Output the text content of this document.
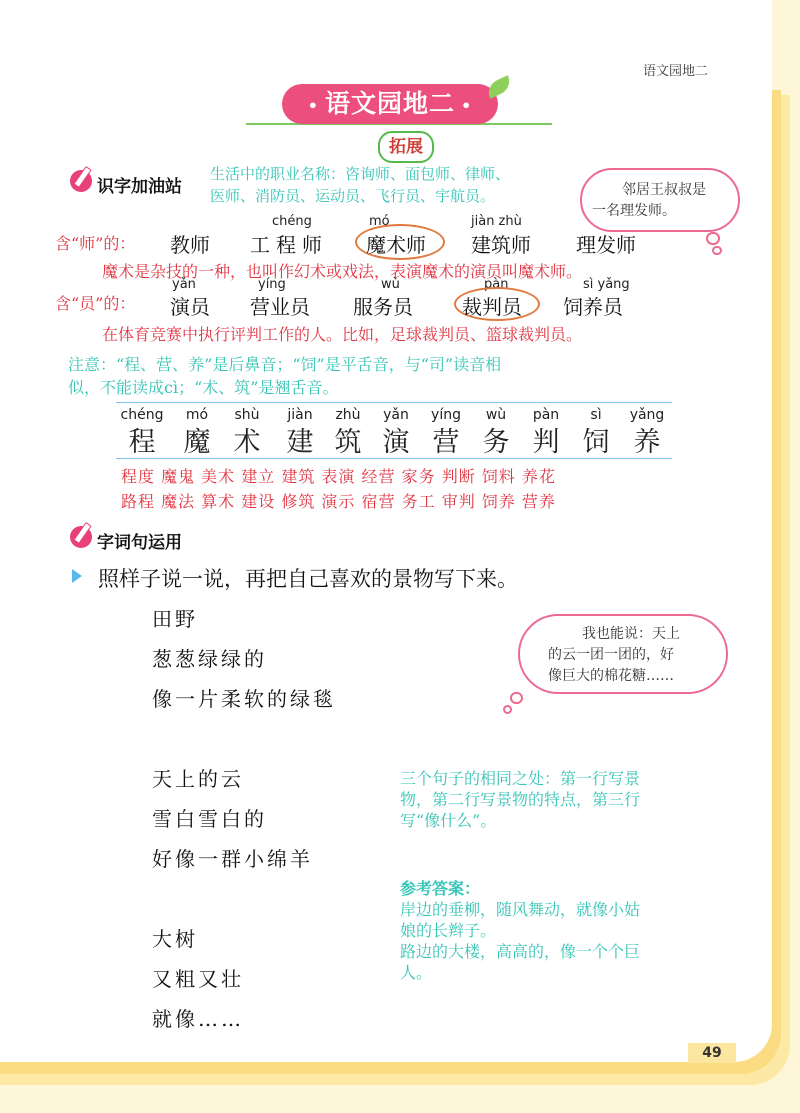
语文园地二
• 语文园地二 •
拓展
识字加油站
生活中的职业名称：咨询师、面包师、律师、
医师、消防员、运动员、飞行员、宇航员。	邻居王叔叔是
一名理发师。
chéng	mó	jiàn zhù
含“师”的： 教师 工程师 魔术师 建筑师 理发师
魔术是杂技的一种，也叫作幻术或戏法，表演魔术的演员叫魔术师。
yǎn	yíng	wù	pàn	sì yǎng
含“员”的： 演员 营业员 服务员 裁判员 饲养员
在体育竞赛中执行评判工作的人。比如，足球裁判员、篮球裁判员。
注意：“程、营、养”是后鼻音；“饲”是平舌音，与“司”读音相
似，不能读成cì；“术、筑”是翘舌音。
chéng	mó	shù	jiàn	zhù	yǎn	yíng	wù	pàn	sì	yǎng
程 魔 术 建 筑 演 营 务 判 饲 养
程度 魔鬼 美术 建立 建筑 表演 经营 家务 判断 饲料 养花
路程 魔法 算术 建设 修筑 演示 宿营 务工 审判 饲养 营养
字词句运用
照样子说一说，再把自己喜欢的景物写下来。
田野
葱葱绿绿的
像一片柔软的绿毯
我也能说：天上
的云一团一团的，好
像巨大的棉花糖……
天上的云
雪白雪白的
好像一群小绵羊
三个句子的相同之处：第一行写景
物，第二行写景物的特点，第三行
写“像什么”。
参考答案：
岸边的垂柳，随风舞动，就像小姑
娘的长辫子。
路边的大楼，高高的，像一个个巨
人。
大树
又粗又壮
就像……
49
